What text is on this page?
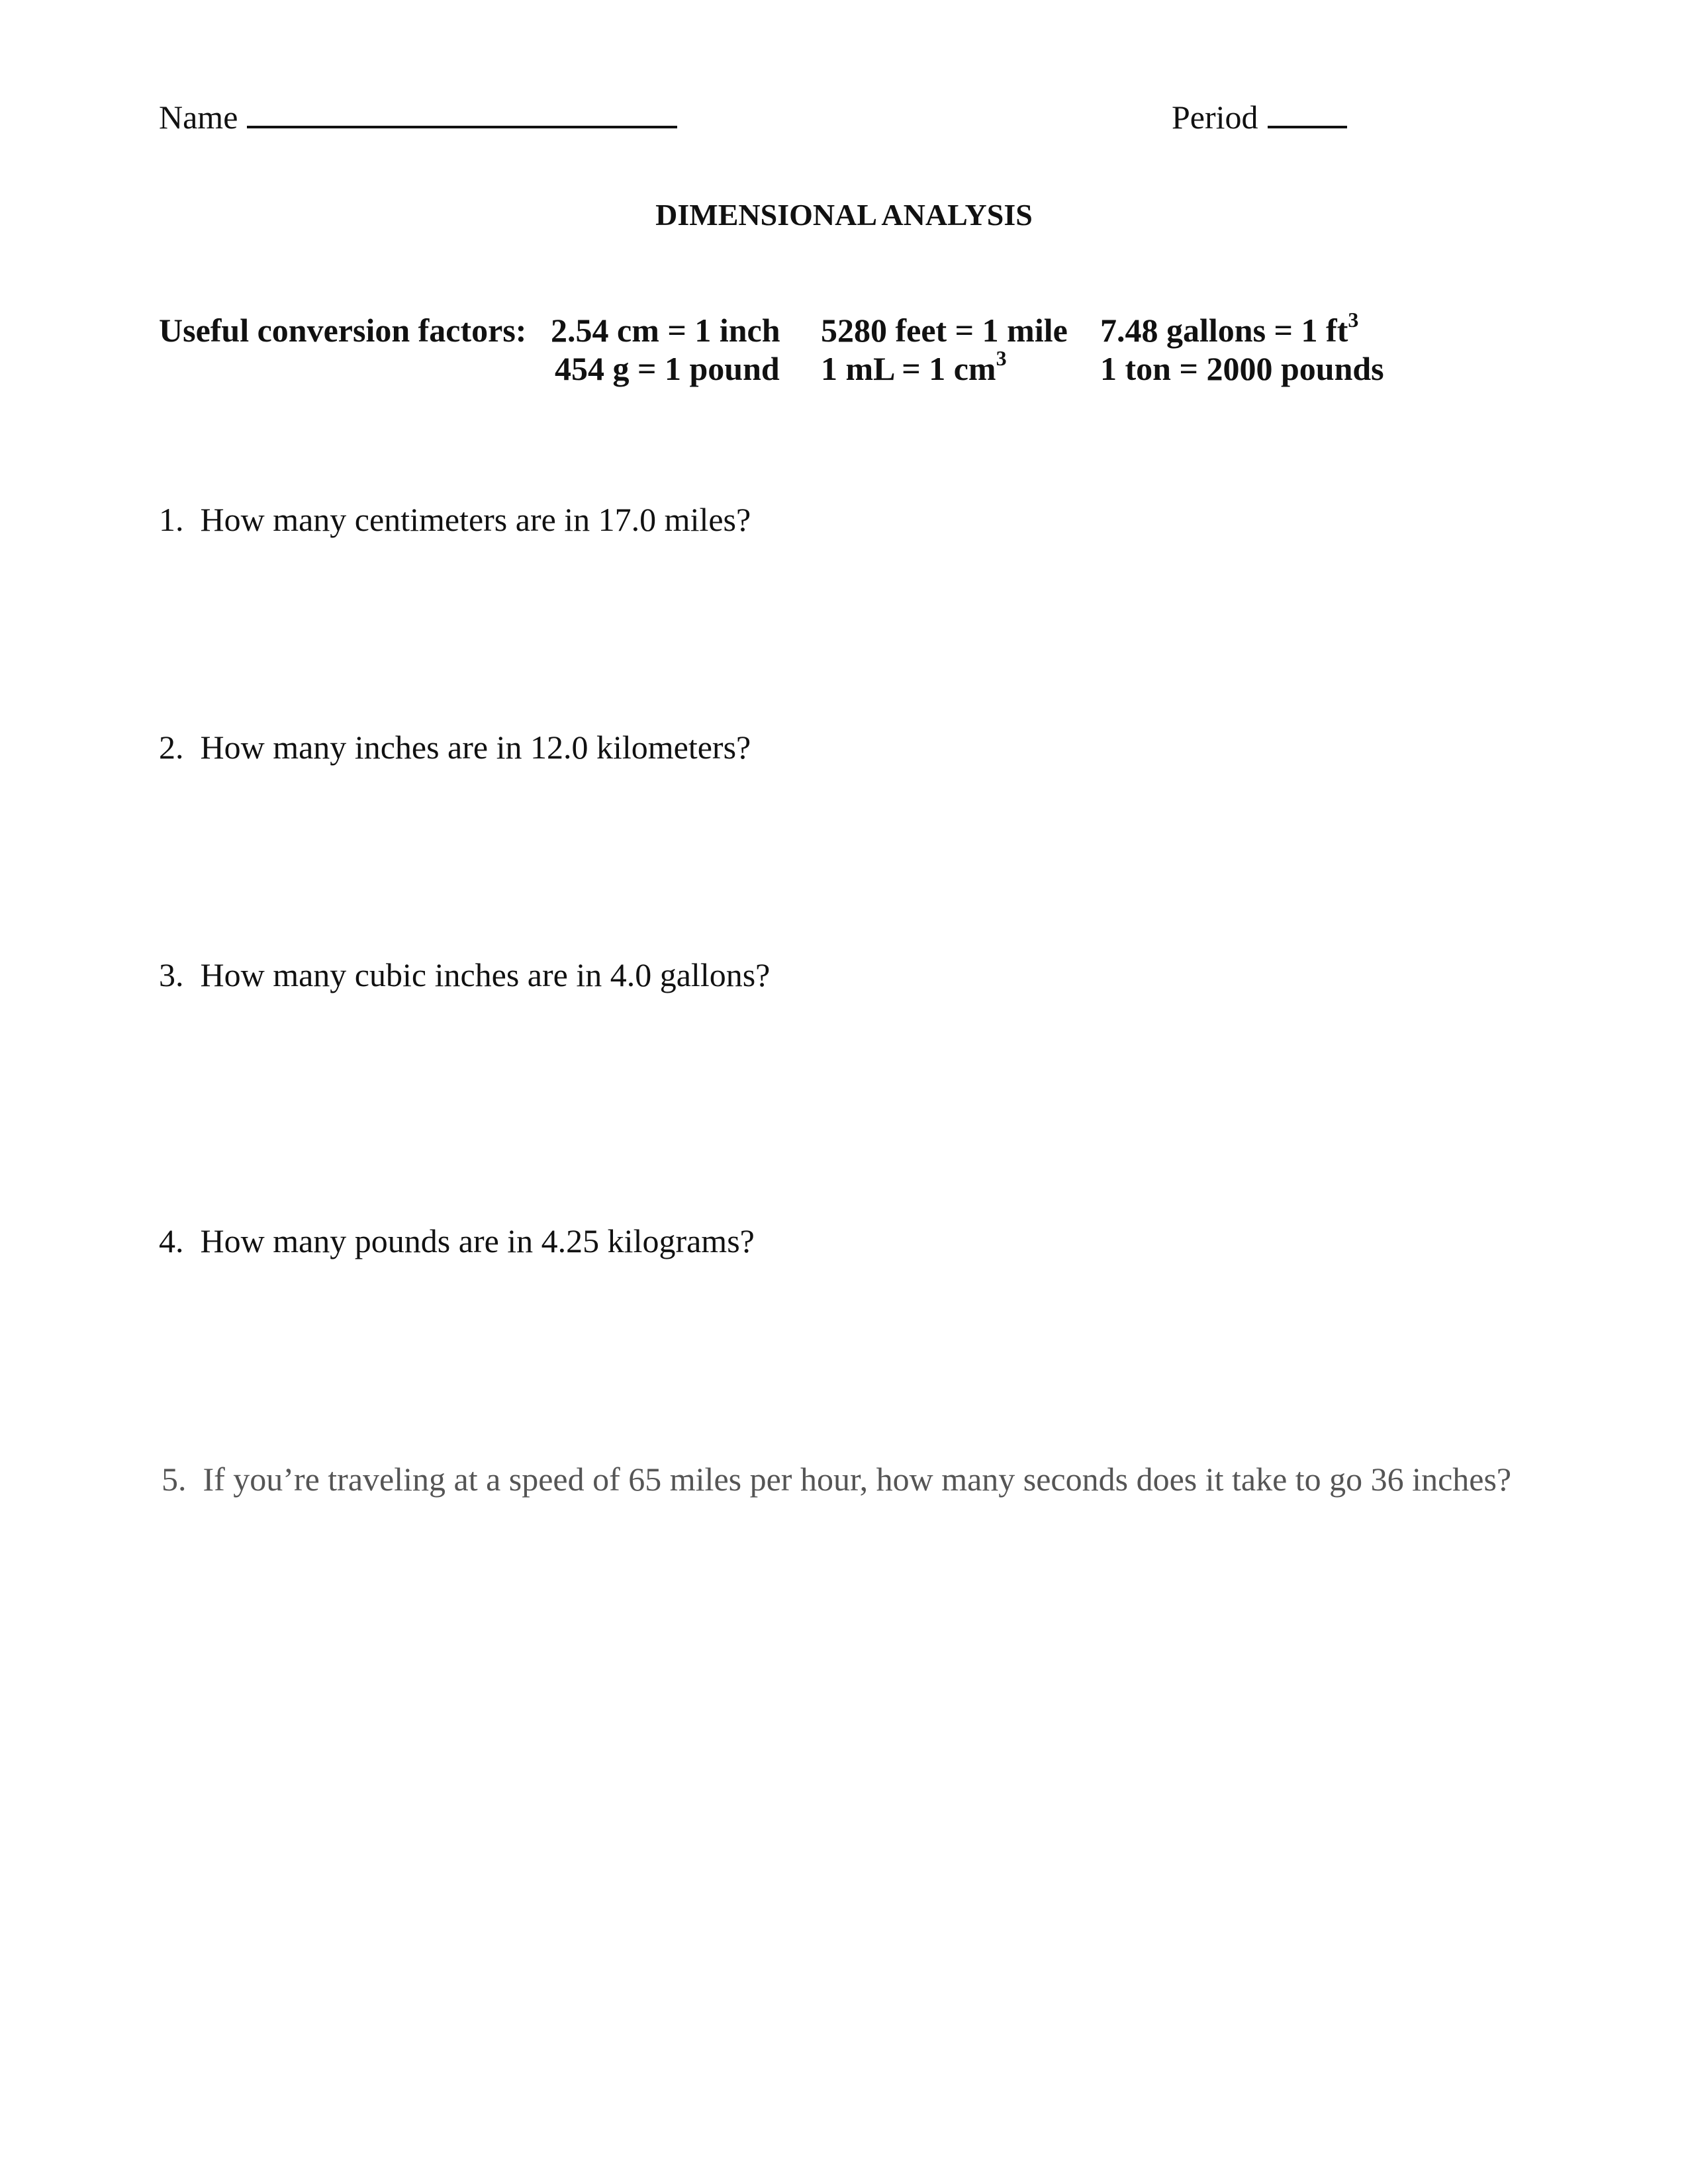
Name	Period
DIMENSIONAL ANALYSIS
Useful conversion factors: 2.54 cm = 1 inch 5280 feet = 1 mile 7.48 gallons = 1 $ft^3$
454 g = 1 pound 1 mL = 1 $cm^3$	1 ton = 2000 pounds
1.  How many centimeters are in 17.0 miles?
2.  How many inches are in 12.0 kilometers?
3.  How many cubic inches are in 4.0 gallons?
4.  How many pounds are in 4.25 kilograms?
5.  If you’re traveling at a speed of 65 miles per hour, how many seconds does it take to go 36 inches?
